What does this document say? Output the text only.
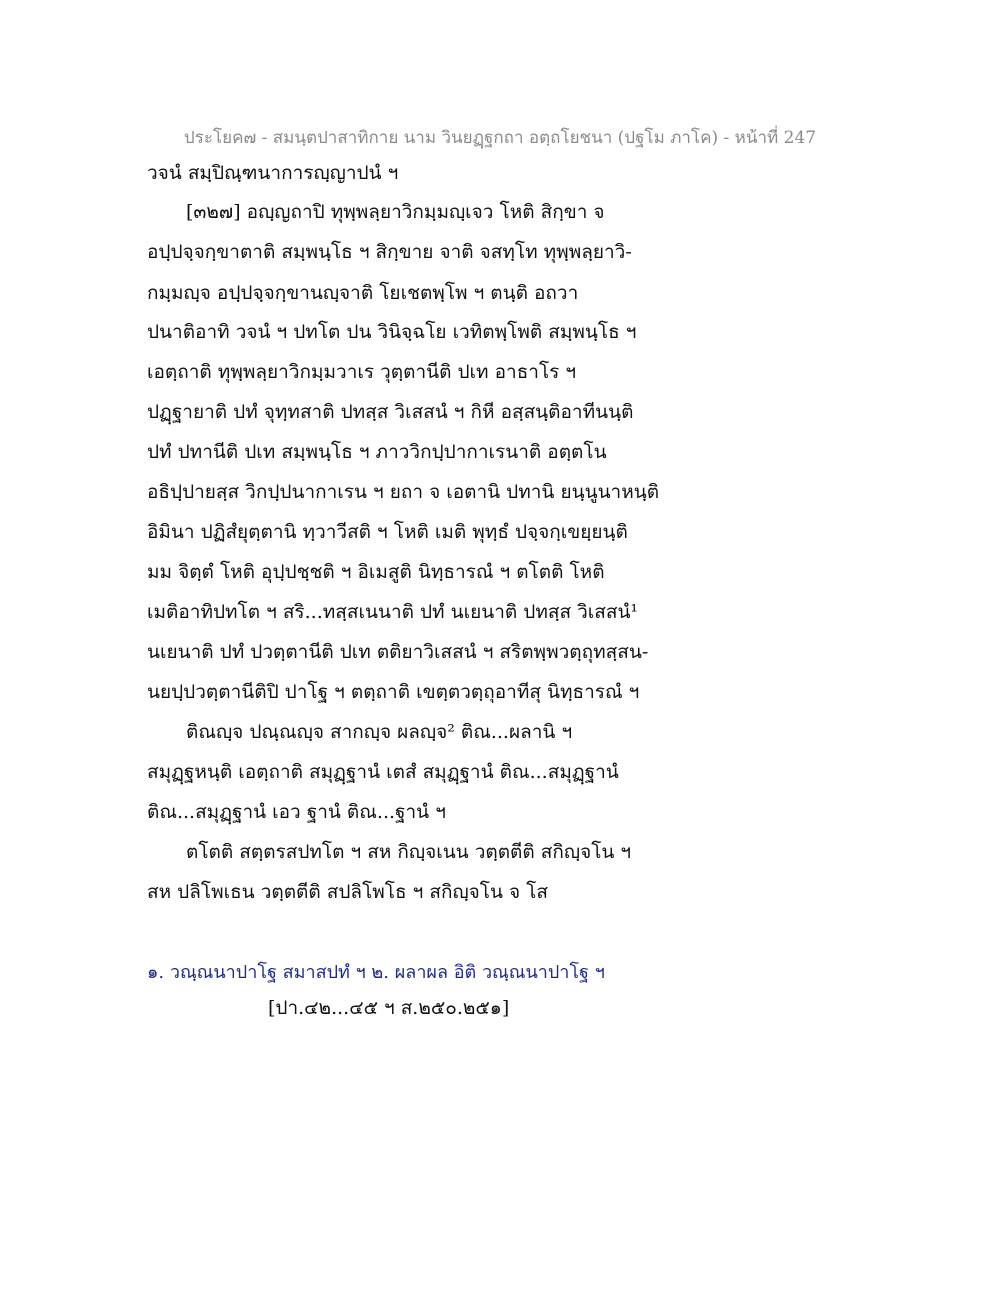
ประโยค๗ - สมนฺตปาสาทิกาย นาม วินยฏฺฐกถา อตฺถโยชนา (ปฐโม ภาโค) - หน้าที่ 247
วจนํ สมฺปิณฺฑนาการญฺญาปนํ ฯ
[๓๒๗] อญฺญถาปิ ทุพฺพลฺยาวิกมฺมญฺเจว โหติ สิกฺขา จ
อปฺปจฺจกฺขาตาติ สมฺพนฺโธ ฯ สิกฺขาย จาติ จสทฺโท ทุพฺพลฺยาวิ-
กมฺมญฺจ อปฺปจฺจกฺขานญฺจาติ โยเชตพฺโพ ฯ ตนฺติ อถวา
ปนาติอาทิ วจนํ ฯ ปทโต ปน วินิจฺฉโย เวทิตพฺโพติ สมฺพนฺโธ ฯ
เอตฺถาติ ทุพฺพลฺยาวิกมฺมวาเร วุตฺตานีติ ปเท อาธาโร ฯ
ปฏฺฐายาติ ปทํ จุทฺทสาติ ปทสฺส วิเสสนํ ฯ กิหี อสฺสนฺติอาทีนนฺติ
ปทํ ปทานีติ ปเท สมฺพนฺโธ ฯ ภาววิกปฺปากาเรนาติ อตฺตโน
อธิปฺปายสฺส วิกปฺปนากาเรน ฯ ยถา จ เอตานิ ปทานิ ยนฺนูนาหนฺติ
อิมินา ปฏิสํยุตฺตานิ ทฺวาวีสติ ฯ โหติ เมติ พุทฺธํ ปจฺจกฺเขยฺยนฺติ
มม จิตฺตํ โหติ อุปฺปชฺชติ ฯ อิเมสูติ นิทฺธารณํ ฯ ตโตติ โหติ
เมติอาทิปทโต ฯ สริ...ทสฺสเนนาติ ปทํ นเยนาติ ปทสฺส วิเสสนํ¹
นเยนาติ ปทํ ปวตฺตานีติ ปเท ตติยาวิเสสนํ ฯ สริตพฺพวตฺถุทสฺสน-
นยปฺปวตฺตานีติปิ ปาโฐ ฯ ตตฺถาติ เขตฺตวตฺถุอาทีสุ นิทฺธารณํ ฯ
ติณญฺจ ปณฺณญฺจ สากญฺจ ผลญฺจ² ติณ...ผลานิ ฯ
สมุฏฺฐหนฺติ เอตฺถาติ สมุฏฺฐานํ เตสํ สมุฏฺฐานํ ติณ...สมุฏฺฐานํ
ติณ...สมุฏฺฐานํ เอว ฐานํ ติณ...ฐานํ ฯ
ตโตติ สตฺตรสปทโต ฯ สห กิญฺจเนน วตฺตตีติ สกิญฺจโน ฯ
สห ปลิโพเธน วตฺตตีติ สปลิโพโธ ฯ สกิญฺจโน จ โส
๑. วณฺณนาปาโฐ สมาสปทํ ฯ ๒. ผลาผล อิติ วณฺณนาปาโฐ ฯ
[ปา.๔๒...๔๕ ฯ ส.๒๕๐.๒๕๑]
